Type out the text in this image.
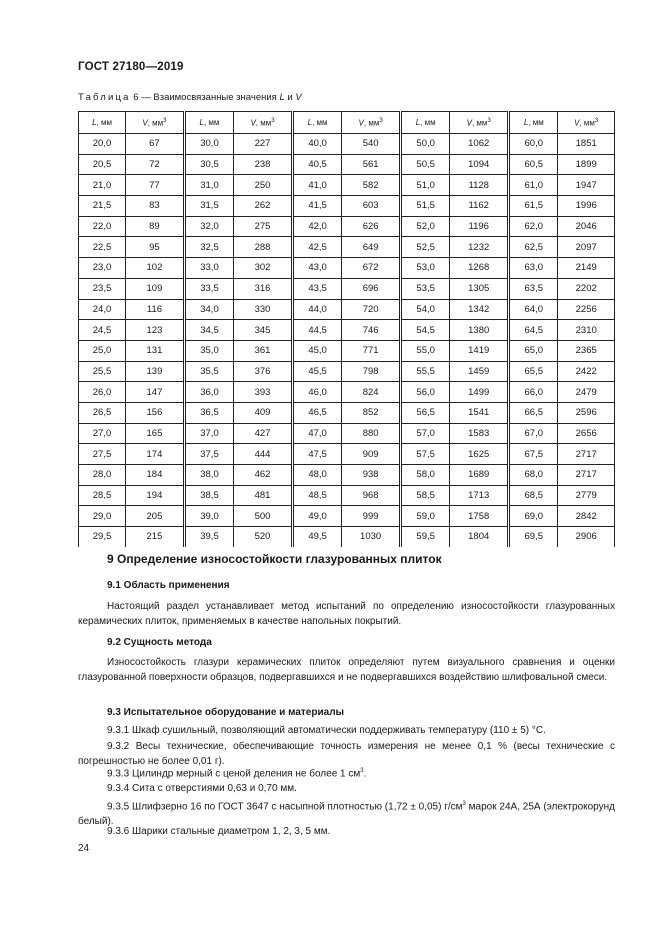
ГОСТ 27180—2019
Таблица 6 — Взаимосвязанные значения L и V
L, мм	V, $мм^3$	L, мм	V, $мм^3$	L, мм	V, $мм^3$	L, мм	V, $мм^3$	L, мм	V, $мм^3$
20,0	67	30,0	227	40,0	540	50,0	1062	60,0	1851
20,5	72	30,5	238	40,5	561	50,5	1094	60,5	1899
21,0	77	31,0	250	41,0	582	51,0	1128	61,0	1947
21,5	83	31,5	262	41,5	603	51,5	1162	61,5	1996
22,0	89	32,0	275	42,0	626	52,0	1196	62,0	2046
22,5	95	32,5	288	42,5	649	52,5	1232	62,5	2097
23,0	102	33,0	302	43,0	672	53,0	1268	63,0	2149
23,5	109	33,5	316	43,5	696	53,5	1305	63,5	2202
24,0	116	34,0	330	44,0	720	54,0	1342	64,0	2256
24,5	123	34,5	345	44,5	746	54,5	1380	64,5	2310
25,0	131	35,0	361	45,0	771	55,0	1419	65,0	2365
25,5	139	35,5	376	45,5	798	55,5	1459	65,5	2422
26,0	147	36,0	393	46,0	824	56,0	1499	66,0	2479
26,5	156	36,5	409	46,5	852	56,5	1541	66,5	2596
27,0	165	37,0	427	47,0	880	57,0	1583	67,0	2656
27,5	174	37,5	444	47,5	909	57,5	1625	67,5	2717
28,0	184	38,0	462	48,0	938	58,0	1689	68,0	2717
28,5	194	38,5	481	48,5	968	58,5	1713	68,5	2779
29,0	205	39,0	500	49,0	999	59,0	1758	69,0	2842
29,5	215	39,5	520	49,5	1030	59,5	1804	69,5	2906
9 Определение износостойкости глазурованных плиток
9.1 Область применения
Настоящий раздел устанавливает метод испытаний по определению износостойкости глазурованных керамических плиток, применяемых в качестве напольных покрытий.
9.2 Сущность метода
Износостойкость глазури керамических плиток определяют путем визуального сравнения и оценки глазурованной поверхности образцов, подвергавшихся и не подвергавшихся воздействию шлифовальной смеси.
9.3 Испытательное оборудование и материалы
9.3.1 Шкаф сушильный, позволяющий автоматически поддерживать температуру (110 ± 5) °С.
9.3.2 Весы технические, обеспечивающие точность измерения не менее 0,1 % (весы технические с погрешностью не более 0,01 г).
9.3.3 Цилиндр мерный с ценой деления не более 1 $см^3$.
9.3.4 Сита с отверстиями 0,63 и 0,70 мм.
9.3.5 Шлифзерно 16 по ГОСТ 3647 с насыпной плотностью (1,72 ± 0,05) $г/см^3$ марок 24А, 25А (электрокорунд белый).
9.3.6 Шарики стальные диаметром 1, 2, 3, 5 мм.
24
